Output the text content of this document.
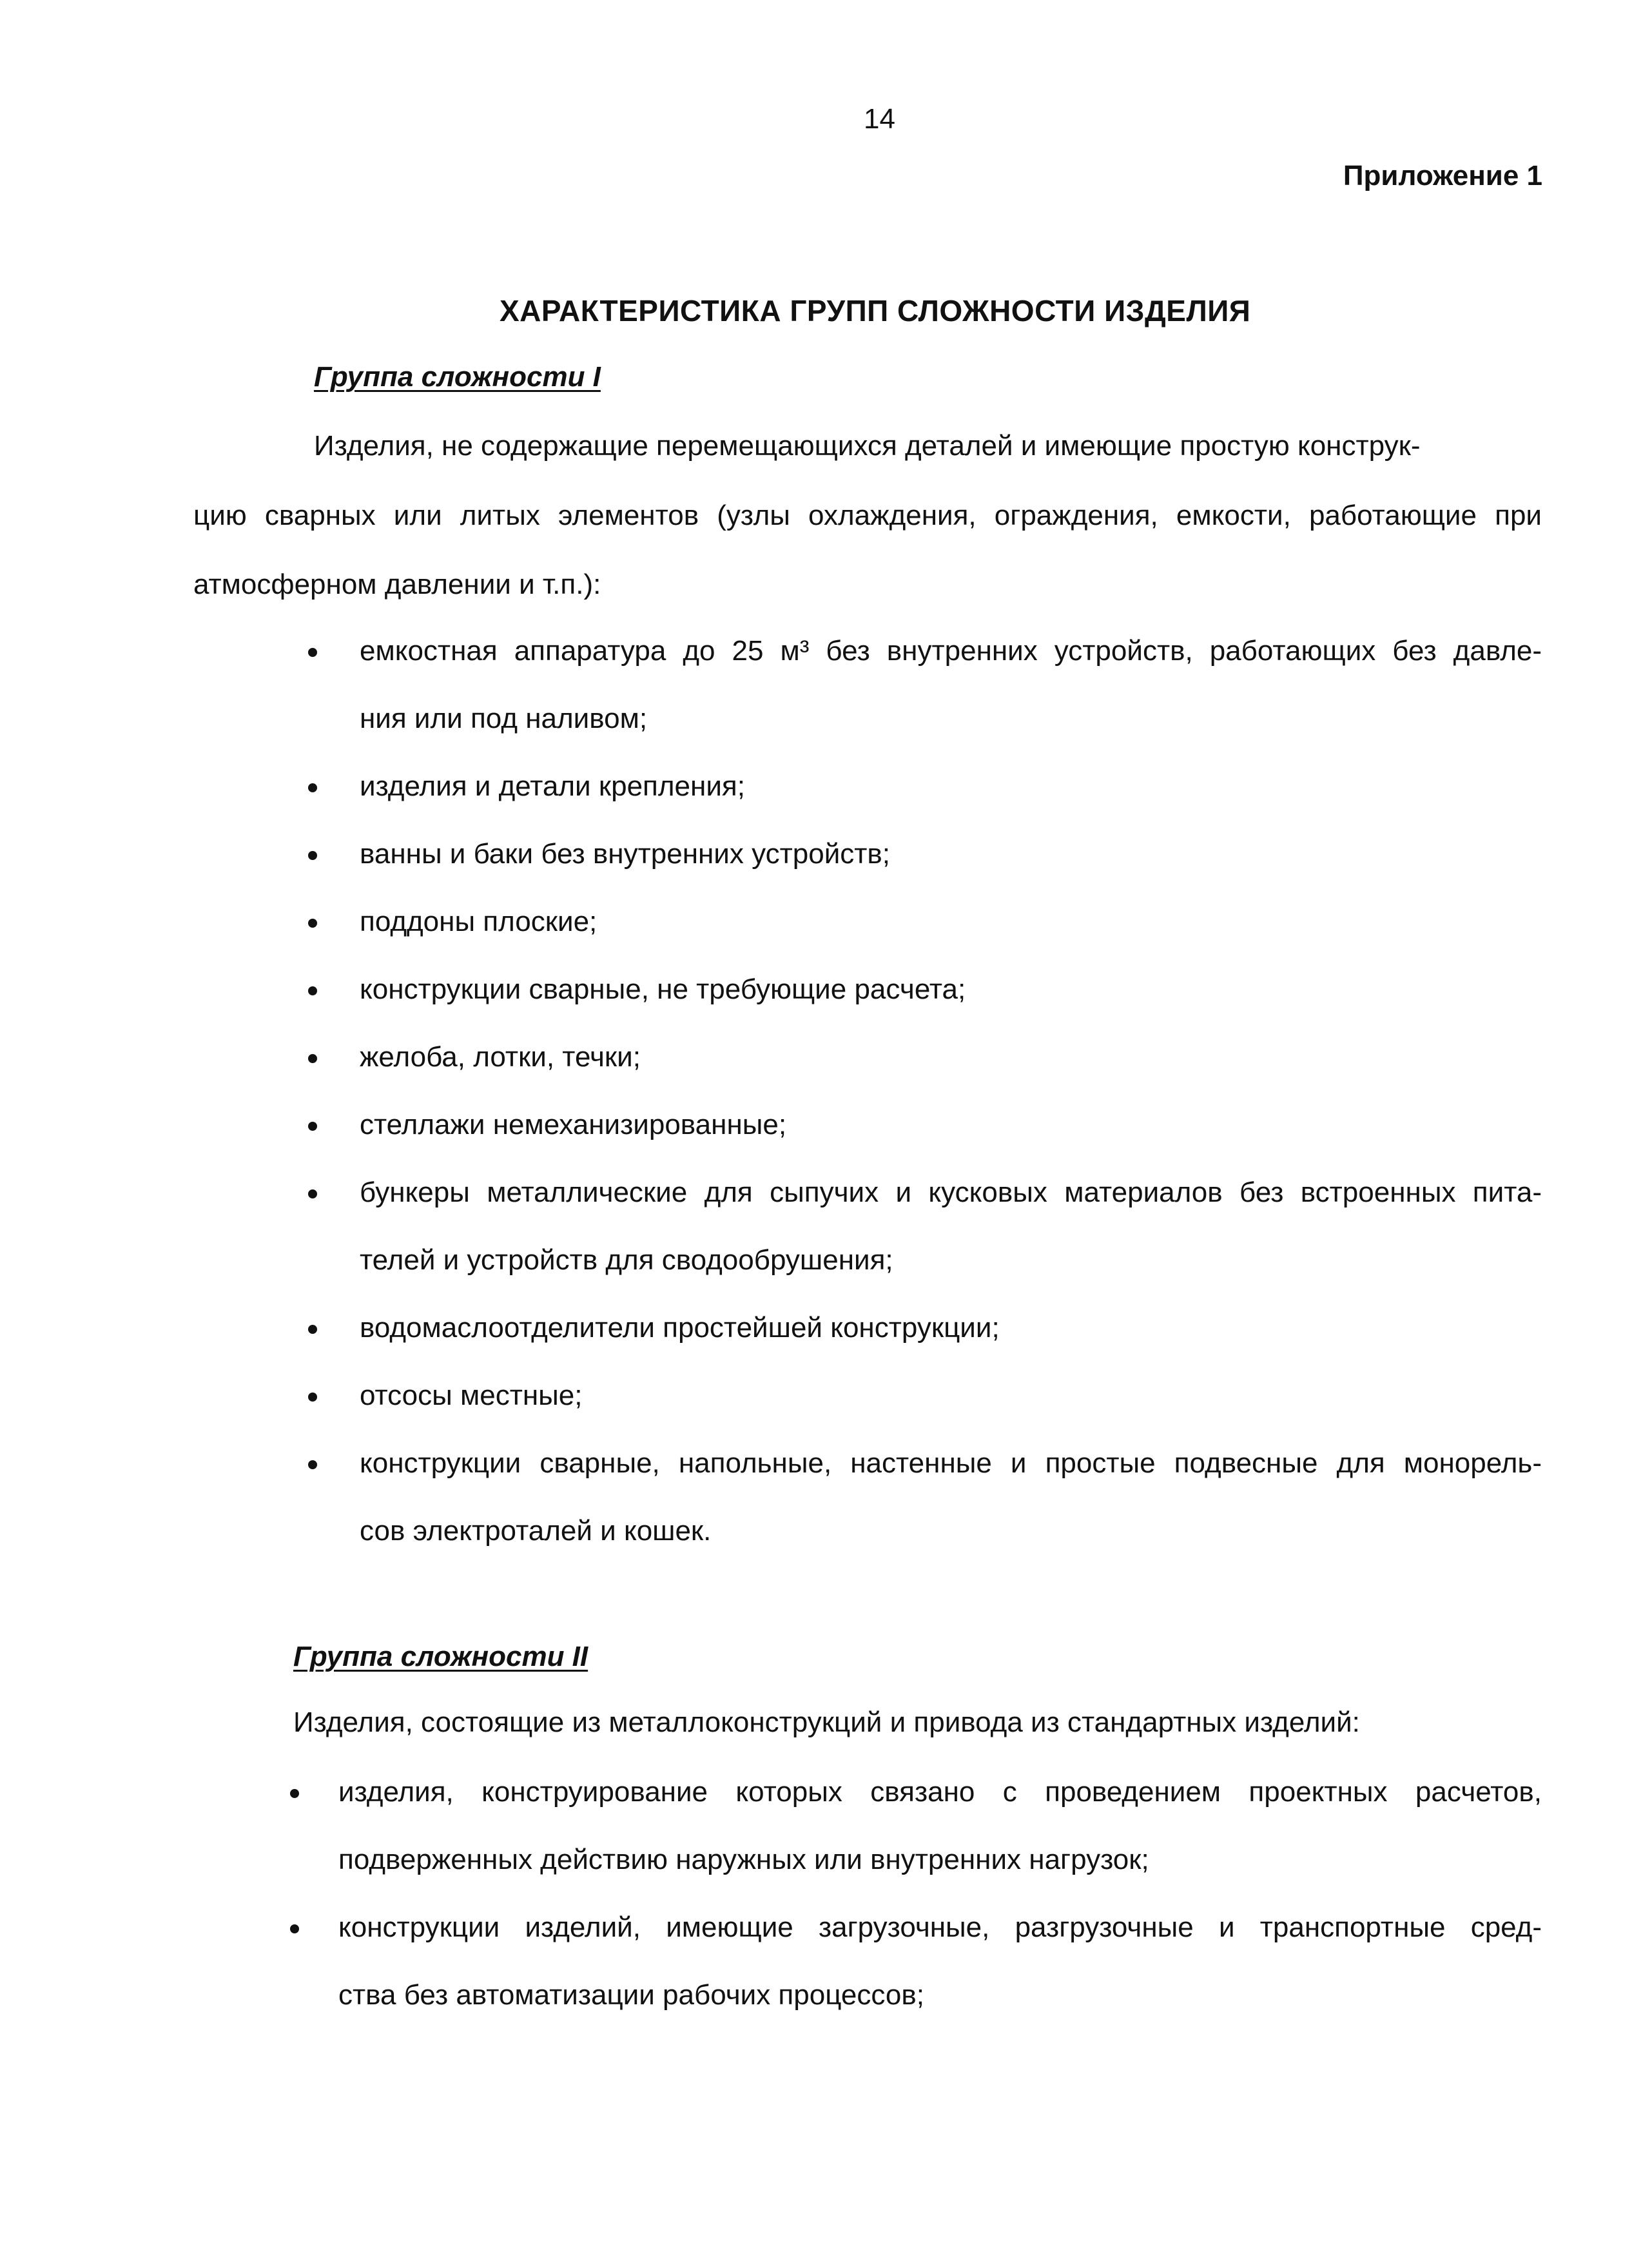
14
Приложение 1
ХАРАКТЕРИСТИКА ГРУПП СЛОЖНОСТИ ИЗДЕЛИЯ
Группа сложности I
Изделия, не содержащие перемещающихся деталей и имеющие простую конструк-
цию сварных или литых элементов (узлы охлаждения, ограждения, емкости, работающие при
атмосферном давлении и т.п.):
емкостная аппаратура до 25 м³ без внутренних устройств, работающих без давле-
ния или под наливом;
изделия и детали крепления;
ванны и баки без внутренних устройств;
поддоны плоские;
конструкции сварные, не требующие расчета;
желоба, лотки, течки;
стеллажи немеханизированные;
бункеры металлические для сыпучих и кусковых материалов без встроенных пита-
телей и устройств для сводообрушения;
водомаслоотделители простейшей конструкции;
отсосы местные;
конструкции сварные, напольные, настенные и простые подвесные для монорель-
сов электроталей и кошек.
Группа сложности II
Изделия, состоящие из металлоконструкций и привода из стандартных изделий:
изделия, конструирование которых связано с проведением проектных расчетов,
подверженных действию наружных или внутренних нагрузок;
конструкции изделий, имеющие загрузочные, разгрузочные и транспортные сред-
ства без автоматизации рабочих процессов;
